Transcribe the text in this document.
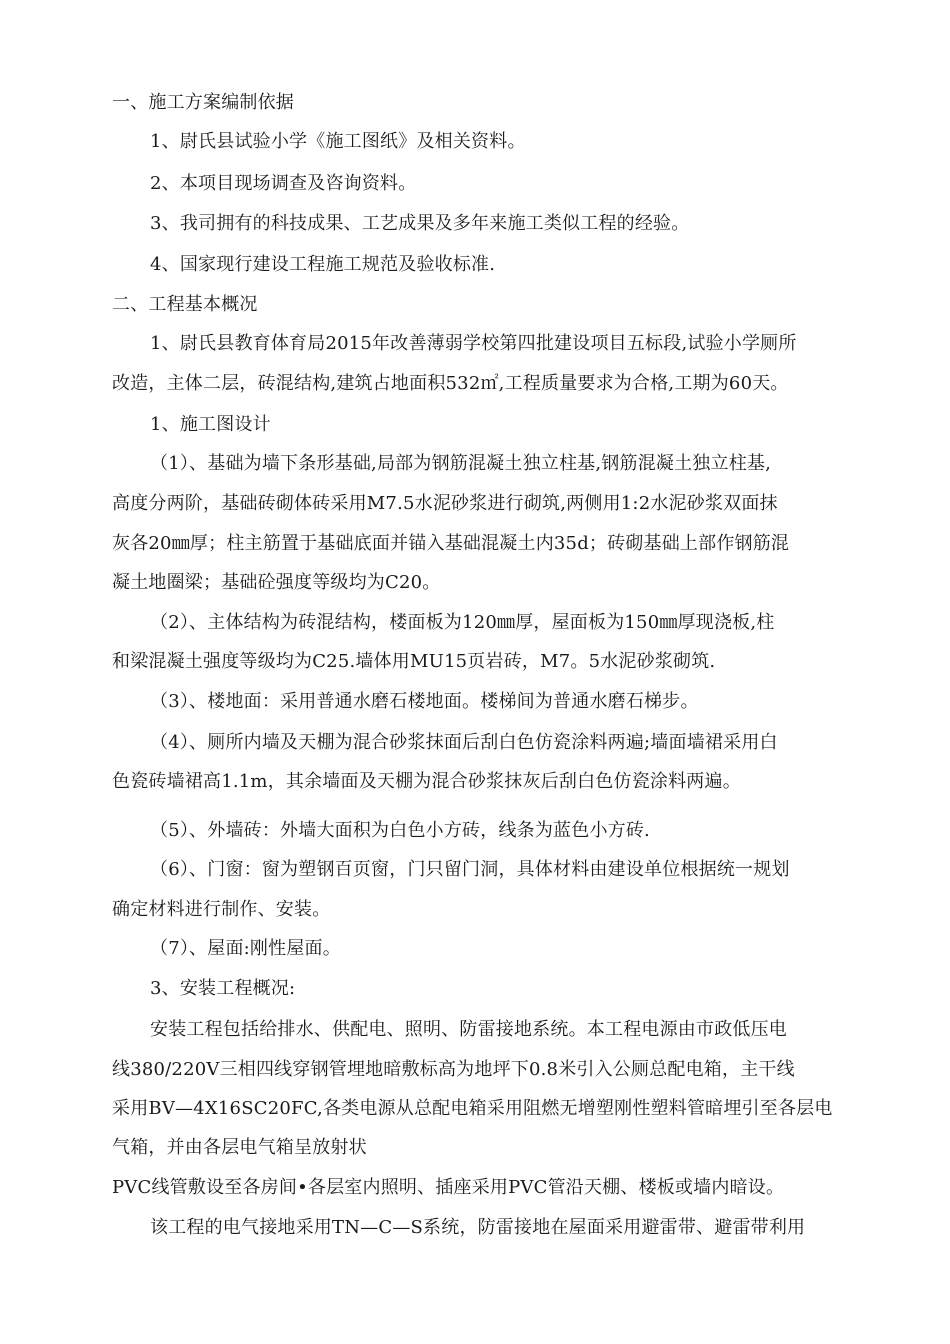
一、施工方案编制依据
1、尉氏县试验小学《施工图纸》及相关资料。
2、本项目现场调查及咨询资料。
3、我司拥有的科技成果、工艺成果及多年来施工类似工程的经验。
4、国家现行建设工程施工规范及验收标准.
二、工程基本概况
1、尉氏县教育体育局2015年改善薄弱学校第四批建设项目五标段,试验小学厕所
改造，主体二层，砖混结构,建筑占地面积532㎡,工程质量要求为合格,工期为60天。
1、施工图设计
（1）、基础为墙下条形基础,局部为钢筋混凝土独立柱基,钢筋混凝土独立柱基,
高度分两阶，基础砖砌体砖采用M7.5水泥砂浆进行砌筑,两侧用1:2水泥砂浆双面抹
灰各20㎜厚；柱主筋置于基础底面并锚入基础混凝土内35d；砖砌基础上部作钢筋混
凝土地圈梁；基础砼强度等级均为C20。
（2）、主体结构为砖混结构，楼面板为120㎜厚，屋面板为150㎜厚现浇板,柱
和梁混凝土强度等级均为C25.墙体用MU15页岩砖，M7。5水泥砂浆砌筑.
（3）、楼地面：采用普通水磨石楼地面。楼梯间为普通水磨石梯步。
（4）、厕所内墙及天棚为混合砂浆抹面后刮白色仿瓷涂料两遍;墙面墙裙采用白
色瓷砖墙裙高1.1m，其余墙面及天棚为混合砂浆抹灰后刮白色仿瓷涂料两遍。
（5）、外墙砖：外墙大面积为白色小方砖，线条为蓝色小方砖.
（6）、门窗：窗为塑钢百页窗，门只留门洞，具体材料由建设单位根据统一规划
确定材料进行制作、安装。
（7）、屋面:刚性屋面。
3、安装工程概况:
安装工程包括给排水、供配电、照明、防雷接地系统。本工程电源由市政低压电
线380/220V三相四线穿钢管埋地暗敷标高为地坪下0.8米引入公厕总配电箱，主干线
采用BV—4X16SC20FC,各类电源从总配电箱采用阻燃无增塑刚性塑料管暗埋引至各层电
气箱，并由各层电气箱呈放射状
PVC线管敷设至各房间•各层室内照明、插座采用PVC管沿天棚、楼板或墙内暗设。
该工程的电气接地采用TN—C—S系统，防雷接地在屋面采用避雷带、避雷带利用
